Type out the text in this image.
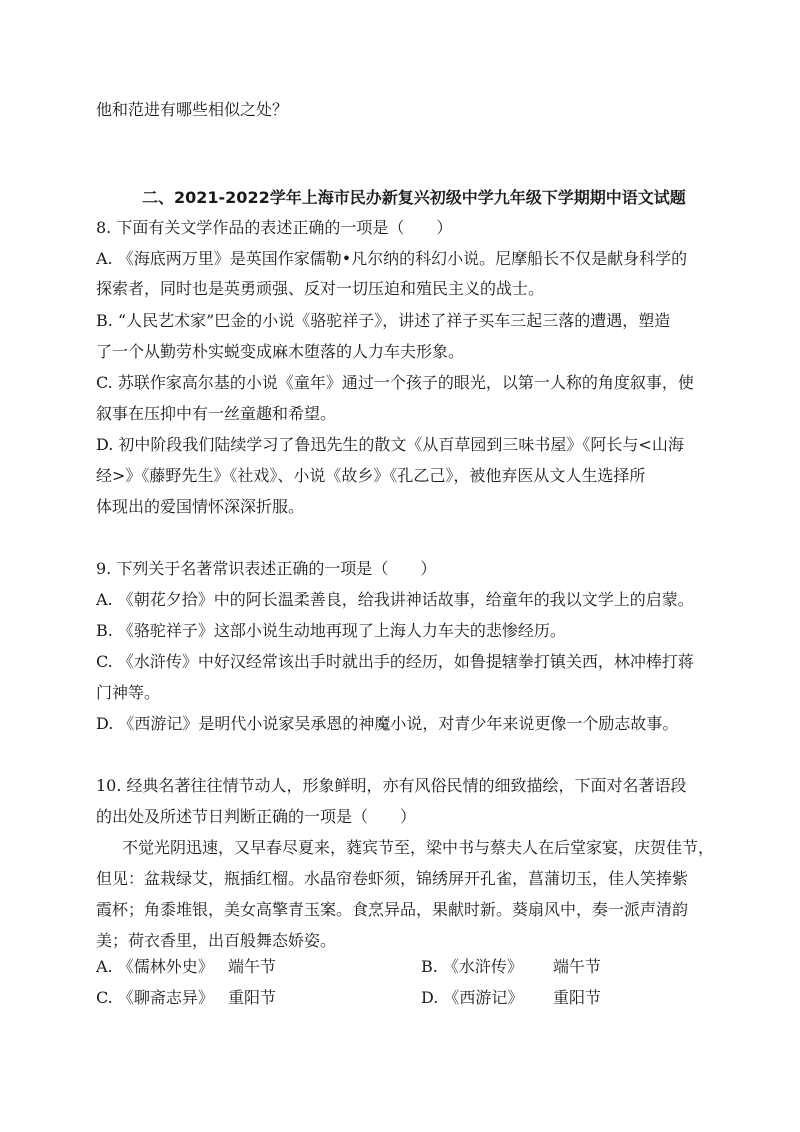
他和范进有哪些相似之处？
二、2021-2022学年上海市民办新复兴初级中学九年级下学期期中语文试题
8. 下面有关文学作品的表述正确的一项是（　　）
A. 《海底两万里》是英国作家儒勒•凡尔纳的科幻小说。尼摩船长不仅是献身科学的
探索者，同时也是英勇顽强、反对一切压迫和殖民主义的战士。
B. “人民艺术家”巴金的小说《骆驼祥子》，讲述了祥子买车三起三落的遭遇，塑造
了一个从勤劳朴实蜕变成麻木堕落的人力车夫形象。
C. 苏联作家高尔基的小说《童年》通过一个孩子的眼光，以第一人称的角度叙事，使
叙事在压抑中有一丝童趣和希望。
D. 初中阶段我们陆续学习了鲁迅先生的散文《从百草园到三味书屋》《阿长与<山海
经>》《藤野先生》《社戏》、小说《故乡》《孔乙己》，被他弃医从文人生选择所
体现出的爱国情怀深深折服。
9. 下列关于名著常识表述正确的一项是（　　）
A. 《朝花夕拾》中的阿长温柔善良，给我讲神话故事，给童年的我以文学上的启蒙。
B. 《骆驼祥子》这部小说生动地再现了上海人力车夫的悲惨经历。
C. 《水浒传》中好汉经常该出手时就出手的经历，如鲁提辖拳打镇关西，林冲棒打蒋
门神等。
D. 《西游记》是明代小说家吴承恩的神魔小说，对青少年来说更像一个励志故事。
10. 经典名著往往情节动人，形象鲜明，亦有风俗民情的细致描绘，下面对名著语段
的出处及所述节日判断正确的一项是（　　）
不觉光阴迅速，又早春尽夏来，蕤宾节至，梁中书与蔡夫人在后堂家宴，庆贺佳节，
但见：盆栽绿艾，瓶插红榴。水晶帘卷虾须，锦绣屏开孔雀，菖蒲切玉，佳人笑捧紫
霞杯；角黍堆银，美女高擎青玉案。食烹异品，果献时新。葵扇风中，奏一派声清韵
美；荷衣香里，出百般舞态娇姿。
A. 《儒林外史》 端午节	B. 《水浒传》 端午节
C. 《聊斋志异》 重阳节	D. 《西游记》 重阳节
